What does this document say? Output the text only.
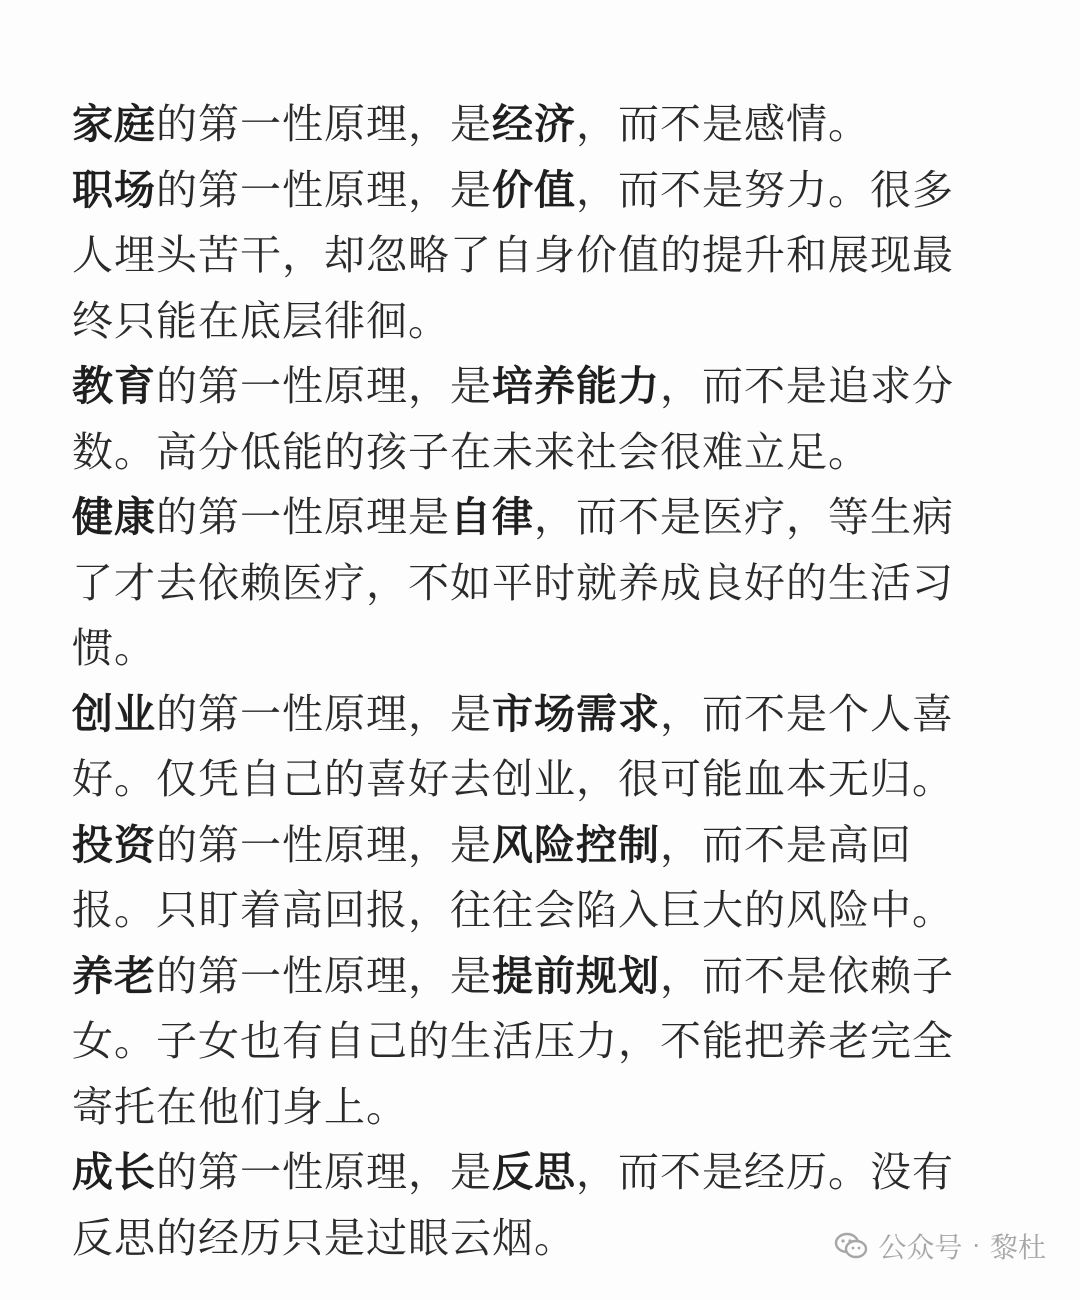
家庭的第一性原理，是经济，而不是感情。

职场的第一性原理，是价值，而不是努力。很多人埋头苦干，却忽略了自身价值的提升和展现最终只能在底层徘徊。

教育的第一性原理，是培养能力，而不是追求分数。高分低能的孩子在未来社会很难立足。

健康的第一性原理是自律，而不是医疗，等生病了才去依赖医疗，不如平时就养成良好的生活习惯。

创业的第一性原理，是市场需求，而不是个人喜好。仅凭自己的喜好去创业，很可能血本无归。

投资的第一性原理，是风险控制，而不是高回报。只盯着高回报，往往会陷入巨大的风险中。

养老的第一性原理，是提前规划，而不是依赖子女。子女也有自己的生活压力，不能把养老完全寄托在他们身上。

成长的第一性原理，是反思，而不是经历。没有反思的经历只是过眼云烟。	公众号 · 黎杜
